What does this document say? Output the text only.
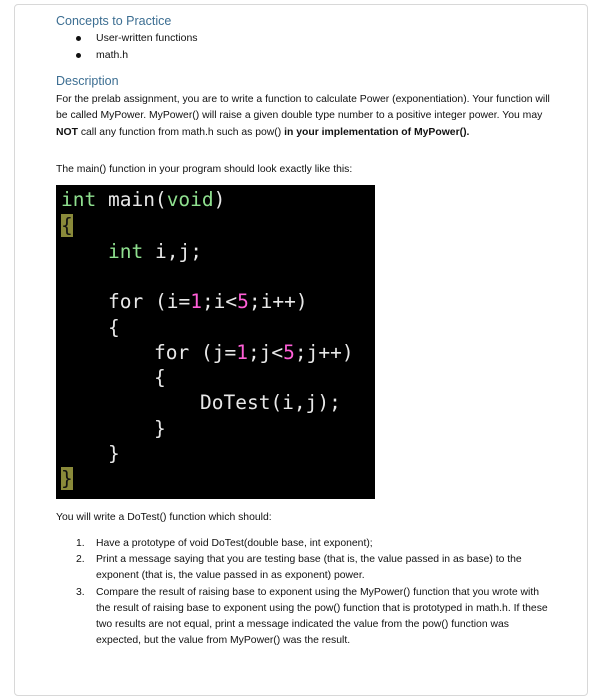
Concepts to Practice
User-written functions
math.h
Description

For the prelab assignment, you are to write a function to calculate Power (exponentiation). Your function will be called MyPower. MyPower() will raise a given double type number to a positive integer power. You may NOT call any function from math.h such as pow() in your implementation of MyPower().

The main() function in your program should look exactly like this:

int main(void)
{
int i,j;
for (i=1;i<5;i++)
{
for (j=1;j<5;j++)
{
DoTest(i,j);
}
}
}

You will write a DoTest() function which should:

1. Have a prototype of void DoTest(double base, int exponent);
2. Print a message saying that you are testing base (that is, the value passed in as base) to the exponent (that is, the value passed in as exponent) power.
3. Compare the result of raising base to exponent using the MyPower() function that you wrote with the result of raising base to exponent using the pow() function that is prototyped in math.h. If these two results are not equal, print a message indicated the value from the pow() function was expected, but the value from MyPower() was the result.
